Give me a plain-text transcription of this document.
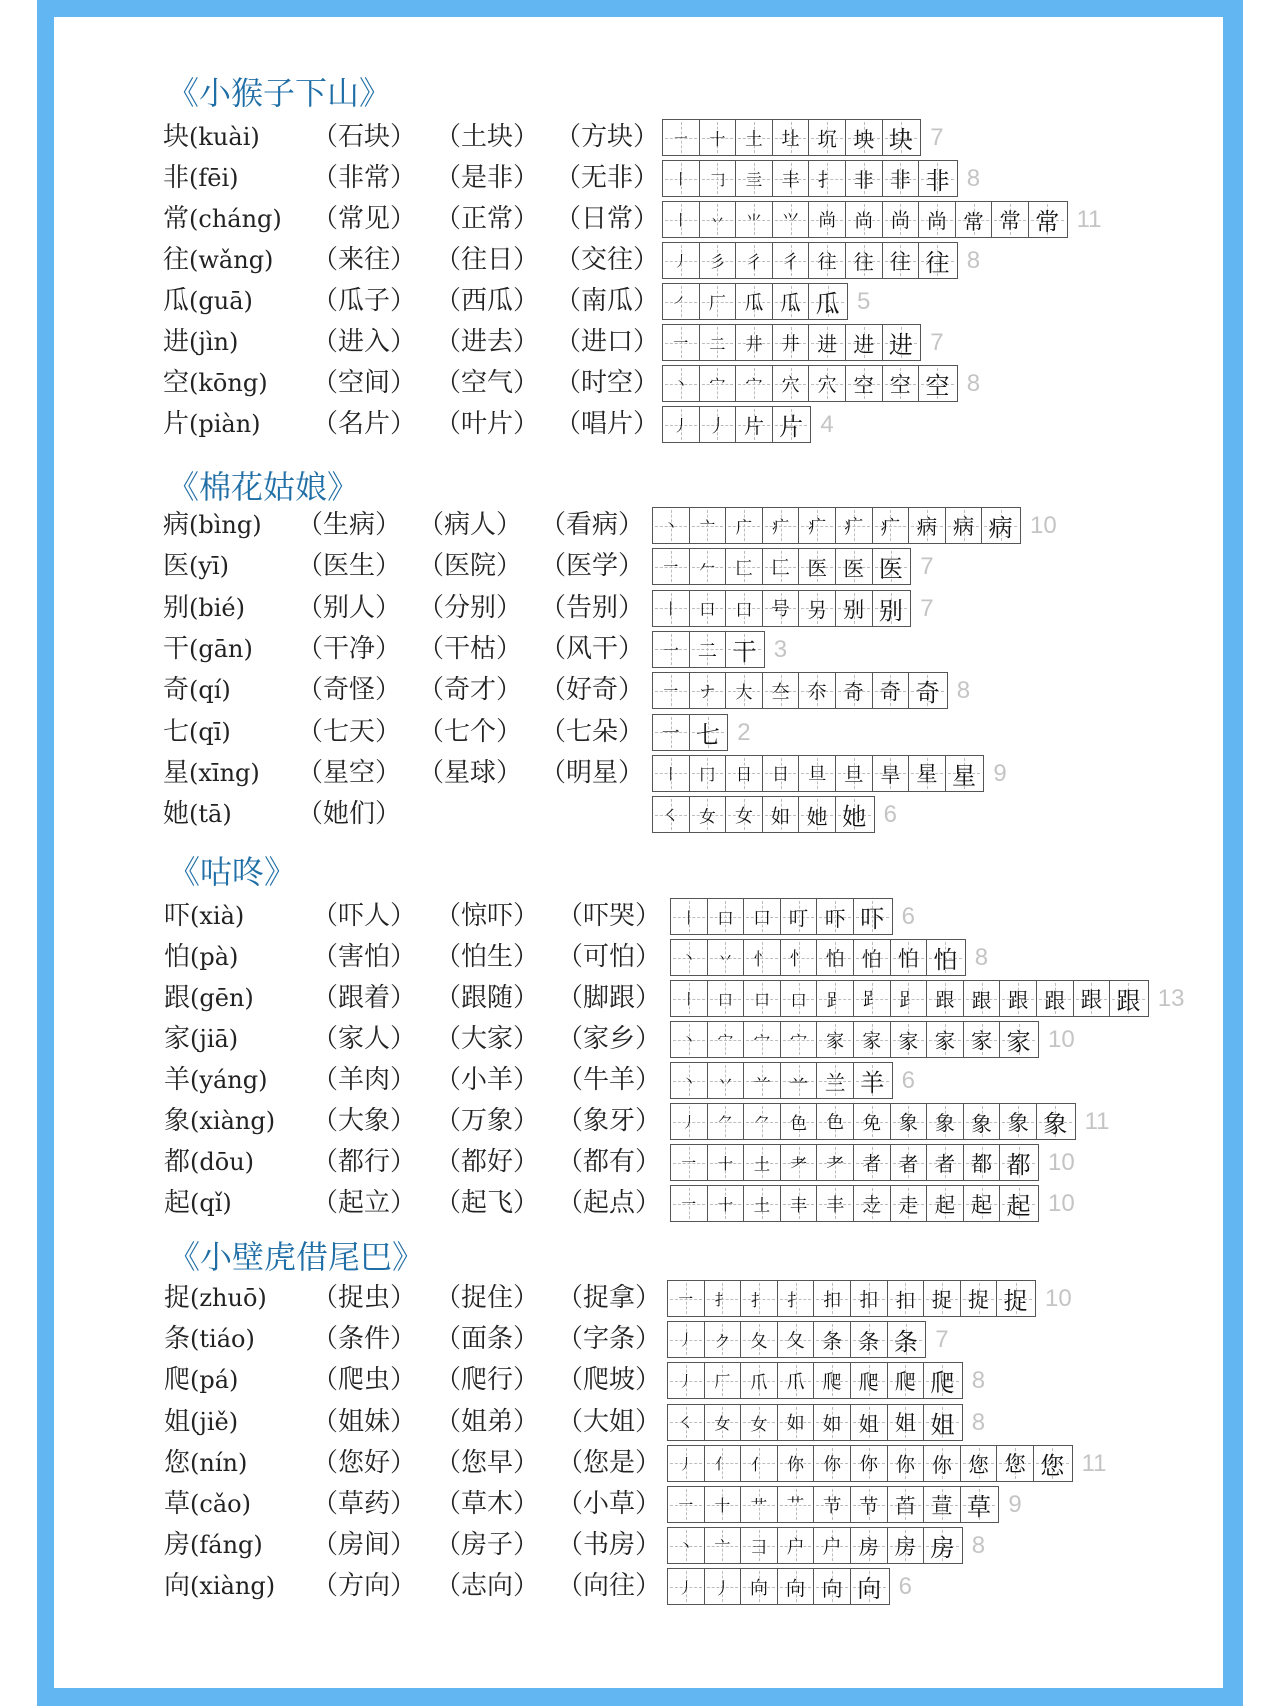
《小猴子下山》
块(kuài) （石块） （土块） （方块） ㇐ 十 土 圵 坈 坱 块 7
非(fēi)	（非常） （是非） （无非） 丨 𠃌 亖 丰 扌 非 非 非 8
常(cháng) （常见） （正常） （日常） 丨 丷 ⺌ ⺍ 尚 尚 尚 尚 常 常 常 11
往(wǎng) （来往） （往日） （交往） 丿 彡 彳 彳 往 往 往 往 8
瓜(guā) （瓜子） （西瓜） （南瓜） ㇒ 厂 瓜 瓜 瓜 5
进(jìn)	（进入） （进去） （进口） 一 二 井 井 进 进 进 7
空(kōng) （空间） （空气） （时空） 丶 宀 宀 穴 穴 空 空 空 8
片(piàn) （名片） （叶片） （唱片） 丿 丿 片 片 4
《棉花姑娘》
病(bìng) （生病） （病人） （看病） 丶 亠 广 疒 疒 疒 疒 病 病 病 10
医(yī)	（医生） （医院） （医学） 一 𠂉 匚 匚 医 医 医 7
别(bié) （别人） （分别） （告别） 丨 口 口 号 另 别 别 7
干(gān) （干净） （干枯） （风干） 一 二 干 3
奇(qí)	（奇怪） （奇才） （好奇） 一 ナ 大 夳 夵 奇 奇 奇 8
七(qī)	（七天） （七个） （七朵） 一 七 2
星(xīng) （星空） （星球） （明星） 丨 冂 日 日 旦 旦 旱 星 星 9
她(tā)	（她们）	㇛ 女 女 如 她 她 6
《咕咚》
吓(xià)	（吓人） （惊吓） （吓哭） 丨 口 口 叮 吓 吓 6
怕(pà)	（害怕） （怕生） （可怕） 丶 丷 忄 忄 怕 怕 怕 怕 8
跟(gēn) （跟着） （跟随） （脚跟） 丨 口 口 口 𧾷 𧾷 𧾷 跟 跟 跟 跟 跟 跟 13
家(jiā)	（家人） （大家） （家乡） 丶 宀 宀 宀 家 家 家 家 家 家 10
羊(yáng) （羊肉） （小羊） （牛羊） 丶 丷 䒑 䒑 兰 羊 6
象(xiàng) （大象） （万象） （象牙） 丿 ⺈ ⺈ 色 色 免 象 象 象 象 象 11
都(dōu) （都行） （都好） （都有） 一 十 土 耂 耂 者 者 者 都 都 10
起(qǐ)	（起立） （起飞） （起点） 一 十 土 丰 丰 赱 走 起 起 起 10
《小壁虎借尾巴》
捉(zhuō) （捉虫） （捉住） （捉拿） 一 扌 扌 扌 扣 扣 扣 捉 捉 捉 10
条(tiáo) （条件） （面条） （字条） 丿 ク 夂 夂 条 条 条 7
爬(pá)	（爬虫） （爬行） （爬坡） 丿 厂 爪 爪 爬 爬 爬 爬 8
姐(jiě)	（姐妹） （姐弟） （大姐） ㇛ 女 女 如 如 姐 姐 姐 8
您(nín) （您好） （您早） （您是） 丿 亻 亻 你 你 你 你 你 您 您 您 11
草(cǎo) （草药） （草木） （小草） 一 十 艹 艹 节 节 苩 荁 草 9
房(fáng) （房间） （房子） （书房） 丶 亠 彐 户 户 房 房 房 8
向(xiàng) （方向） （志向） （向往） 丿 丿 向 向 向 向 6
